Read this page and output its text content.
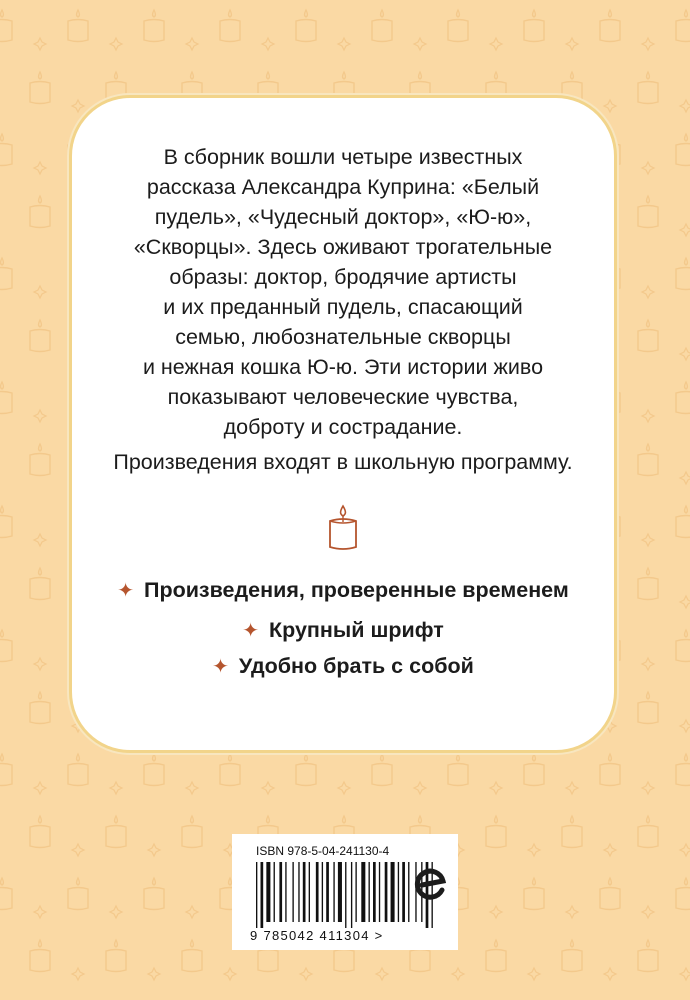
В сборник вошли четыре известных
рассказа Александра Куприна: «Белый
пудель», «Чудесный доктор», «Ю-ю»,
«Скворцы». Здесь оживают трогательные
образы: доктор, бродячие артисты
и их преданный пудель, спасающий
семью, любознательные скворцы
и нежная кошка Ю-ю. Эти истории живо
показывают человеческие чувства,
доброту и сострадание.
Произведения входят в школьную программу.
✦ Произведения, проверенные временем
✦ Крупный шрифт
✦ Удобно брать с собой
ISBN 978-5-04-241130-4
9 785042 411304 >
